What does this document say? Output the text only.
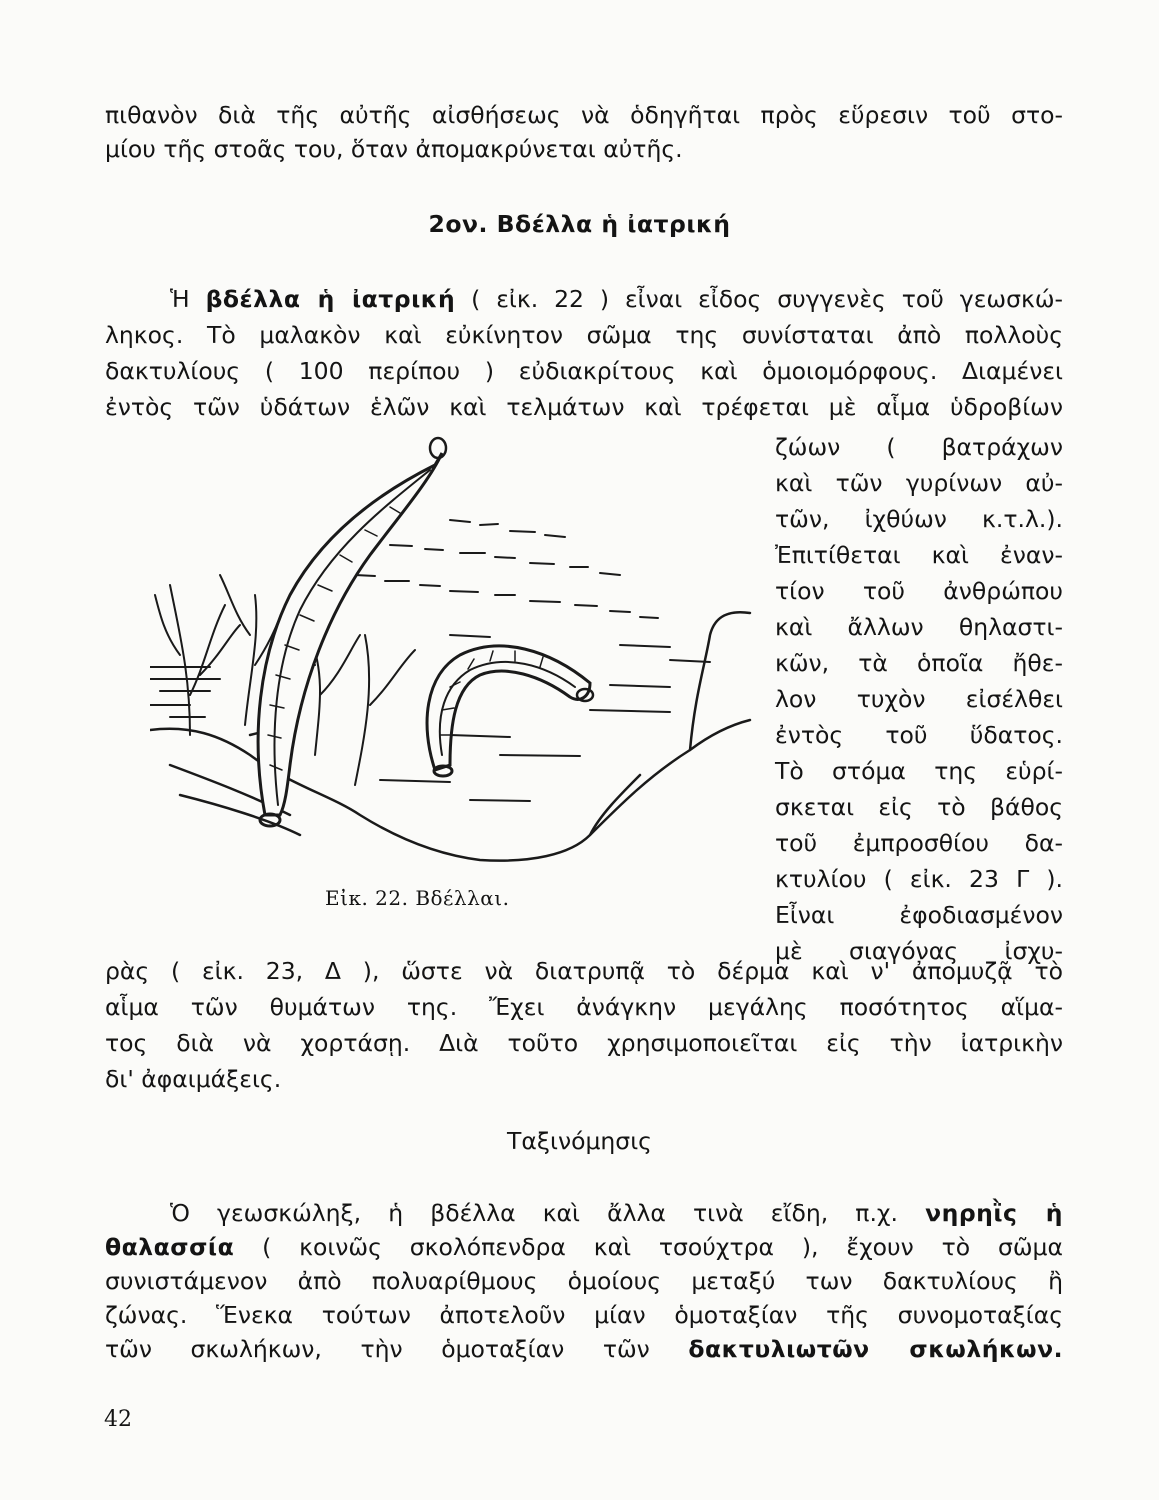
πιθανὸν διὰ τῆς αὐτῆς αἰσθήσεως νὰ ὁδηγῆται πρὸς εὕρεσιν τοῦ στο-

μίου τῆς στοᾶς του, ὅταν ἀπομακρύνεται αὐτῆς.

2ον. Βδέλλα ἡ ἰατρική

Ἡ βδέλλα ἡ ἰατρική ( εἰκ. 22 ) εἶναι εἶδος συγγενὲς τοῦ γεωσκώ-

ληκος. Τὸ μαλακὸν καὶ εὐκίνητον σῶμα της συνίσταται ἀπὸ πολλοὺς

δακτυλίους ( 100 περίπου ) εὐδιακρίτους καὶ ὁμοιομόρφους. Διαμένει

ἐντὸς τῶν ὑδάτων ἑλῶν καὶ τελμάτων καὶ τρέφεται μὲ αἷμα ὑδροβίων

ζώων ( βατράχων

καὶ τῶν γυρίνων αὐ-

τῶν, ἰχθύων κ.τ.λ.).

Ἐπιτίθεται καὶ ἐναν-

τίον τοῦ ἀνθρώπου

καὶ ἄλλων θηλαστι-

κῶν, τὰ ὁποῖα ἤθε-

λον τυχὸν εἰσέλθει

ἐντὸς τοῦ ὕδατος.

Τὸ στόμα της εὑρί-

σκεται εἰς τὸ βάθος

τοῦ ἐμπροσθίου δα-

κτυλίου ( εἰκ. 23 Γ ).

Εἶναι ἐφοδιασμένον

μὲ σιαγόνας ἰσχυ-

Εἰκ. 22. Βδέλλαι.

ρὰς ( εἰκ. 23, Δ ), ὥστε νὰ διατρυπᾷ τὸ δέρμα καὶ ν' ἀπομυζᾷ τὸ

αἷμα τῶν θυμάτων της. Ἔχει ἀνάγκην μεγάλης ποσότητος αἵμα-

τος διὰ νὰ χορτάσῃ. Διὰ τοῦτο χρησιμοποιεῖται εἰς τὴν ἰατρικὴν

δι' ἀφαιμάξεις.

Ταξινόμησις

Ὁ γεωσκώληξ, ἡ βδέλλα καὶ ἄλλα τινὰ εἴδη, π.χ. νηρηῒς ἡ

θαλασσία ( κοινῶς σκολόπενδρα καὶ τσούχτρα ), ἔχουν τὸ σῶμα

συνιστάμενον ἀπὸ πολυαρίθμους ὁμοίους μεταξύ των δακτυλίους ἢ

ζώνας. Ἕνεκα τούτων ἀποτελοῦν μίαν ὁμοταξίαν τῆς συνομοταξίας

τῶν σκωλήκων, τὴν ὁμοταξίαν τῶν δακτυλιωτῶν σκωλήκων.

42
